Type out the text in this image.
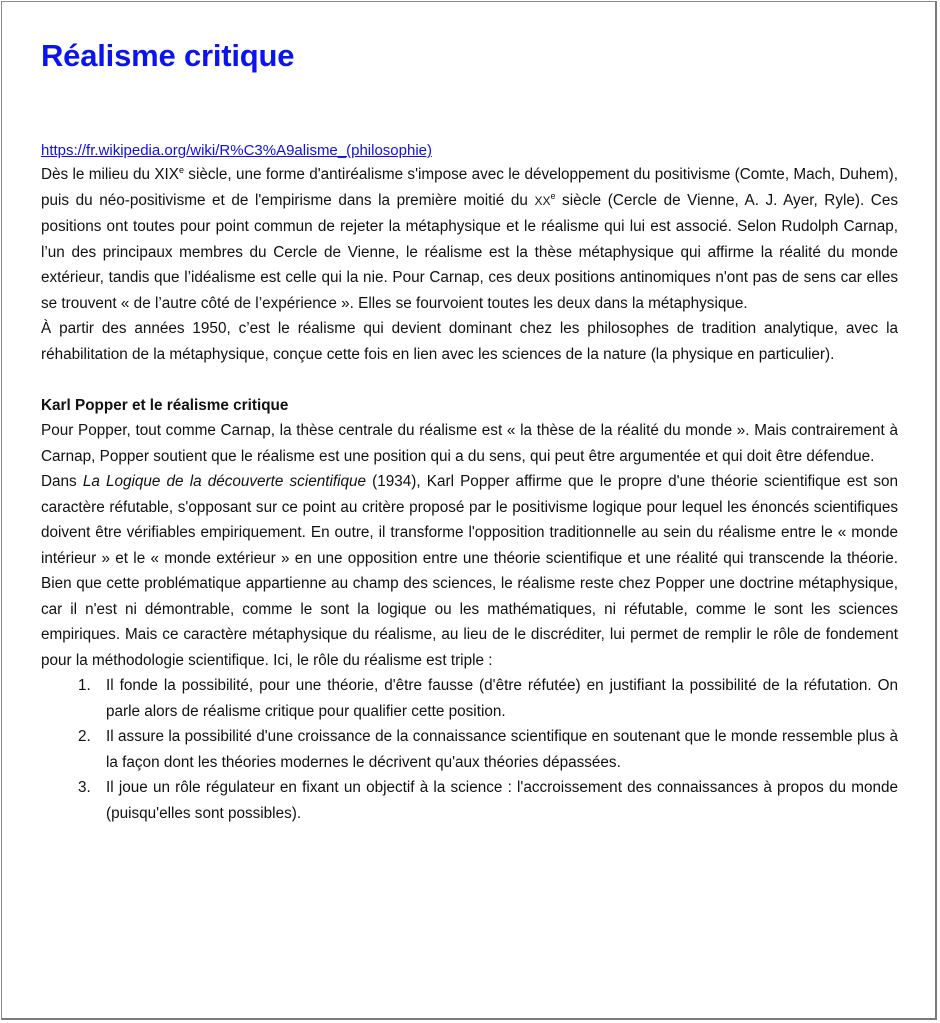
Réalisme critique
https://fr.wikipedia.org/wiki/R%C3%A9alisme_(philosophie)

Dès le milieu du XIXe siècle, une forme d'antiréalisme s'impose avec le développement du positivisme (Comte, Mach, Duhem), puis du néo-positivisme et de l'empirisme dans la première moitié du XXe siècle (Cercle de Vienne, A. J. Ayer, Ryle). Ces positions ont toutes pour point commun de rejeter la métaphysique et le réalisme qui lui est associé. Selon Rudolph Carnap, l’un des principaux membres du Cercle de Vienne, le réalisme est la thèse métaphysique qui affirme la réalité du monde extérieur, tandis que l’idéalisme est celle qui la nie. Pour Carnap, ces deux positions antinomiques n'ont pas de sens car elles se trouvent « de l’autre côté de l’expérience ». Elles se fourvoient toutes les deux dans la métaphysique.

À partir des années 1950, c’est le réalisme qui devient dominant chez les philosophes de tradition analytique, avec la réhabilitation de la métaphysique, conçue cette fois en lien avec les sciences de la nature (la physique en particulier).

Karl Popper et le réalisme critique

Pour Popper, tout comme Carnap, la thèse centrale du réalisme est « la thèse de la réalité du monde ». Mais contrairement à Carnap, Popper soutient que le réalisme est une position qui a du sens, qui peut être argumentée et qui doit être défendue.

Dans La Logique de la découverte scientifique (1934), Karl Popper affirme que le propre d'une théorie scientifique est son caractère réfutable, s'opposant sur ce point au critère proposé par le positivisme logique pour lequel les énoncés scientifiques doivent être vérifiables empiriquement. En outre, il transforme l'opposition traditionnelle au sein du réalisme entre le « monde intérieur » et le « monde extérieur » en une opposition entre une théorie scientifique et une réalité qui transcende la théorie. Bien que cette problématique appartienne au champ des sciences, le réalisme reste chez Popper une doctrine métaphysique, car il n'est ni démontrable, comme le sont la logique ou les mathématiques, ni réfutable, comme le sont les sciences empiriques. Mais ce caractère métaphysique du réalisme, au lieu de le discréditer, lui permet de remplir le rôle de fondement pour la méthodologie scientifique. Ici, le rôle du réalisme est triple :

1. Il fonde la possibilité, pour une théorie, d'être fausse (d'être réfutée) en justifiant la possibilité de la réfutation. On parle alors de réalisme critique pour qualifier cette position.
2. Il assure la possibilité d'une croissance de la connaissance scientifique en soutenant que le monde ressemble plus à la façon dont les théories modernes le décrivent qu'aux théories dépassées.
3. Il joue un rôle régulateur en fixant un objectif à la science : l'accroissement des connaissances à propos du monde (puisqu'elles sont possibles).
